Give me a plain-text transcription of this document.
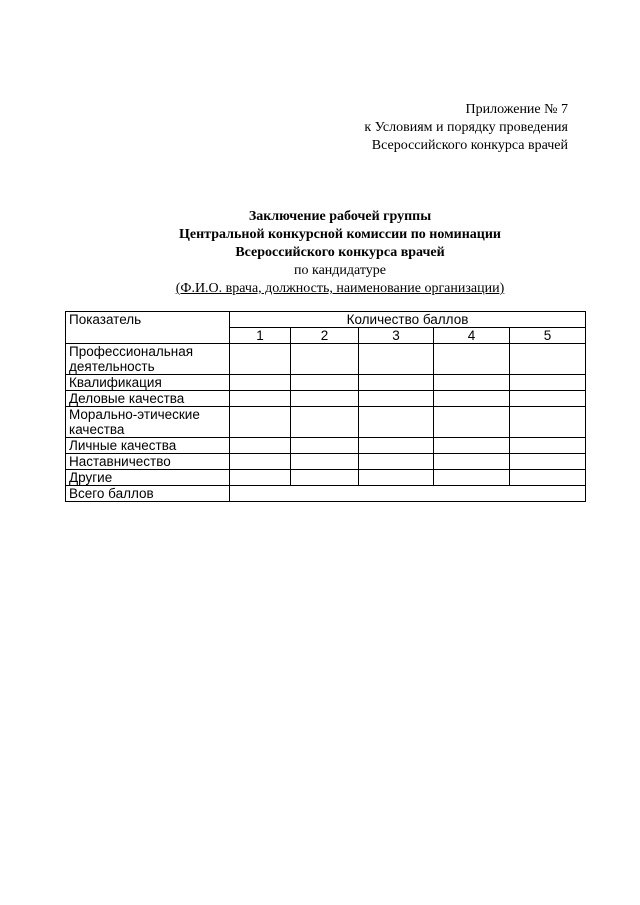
Приложение № 7
к Условиям и порядку проведения
Всероссийского конкурса врачей
Заключение рабочей группы
Центральной конкурсной комиссии по номинации
Всероссийского конкурса врачей
по кандидатуре
(Ф.И.О. врача, должность, наименование организации)
Показатель	Количество баллов				
	1	2	3	4	5
Профессиональная
деятельность					
Квалификация					
Деловые качества					
Морально-этические
качества					
Личные качества					
Наставничество					
Другие					
Всего баллов					
